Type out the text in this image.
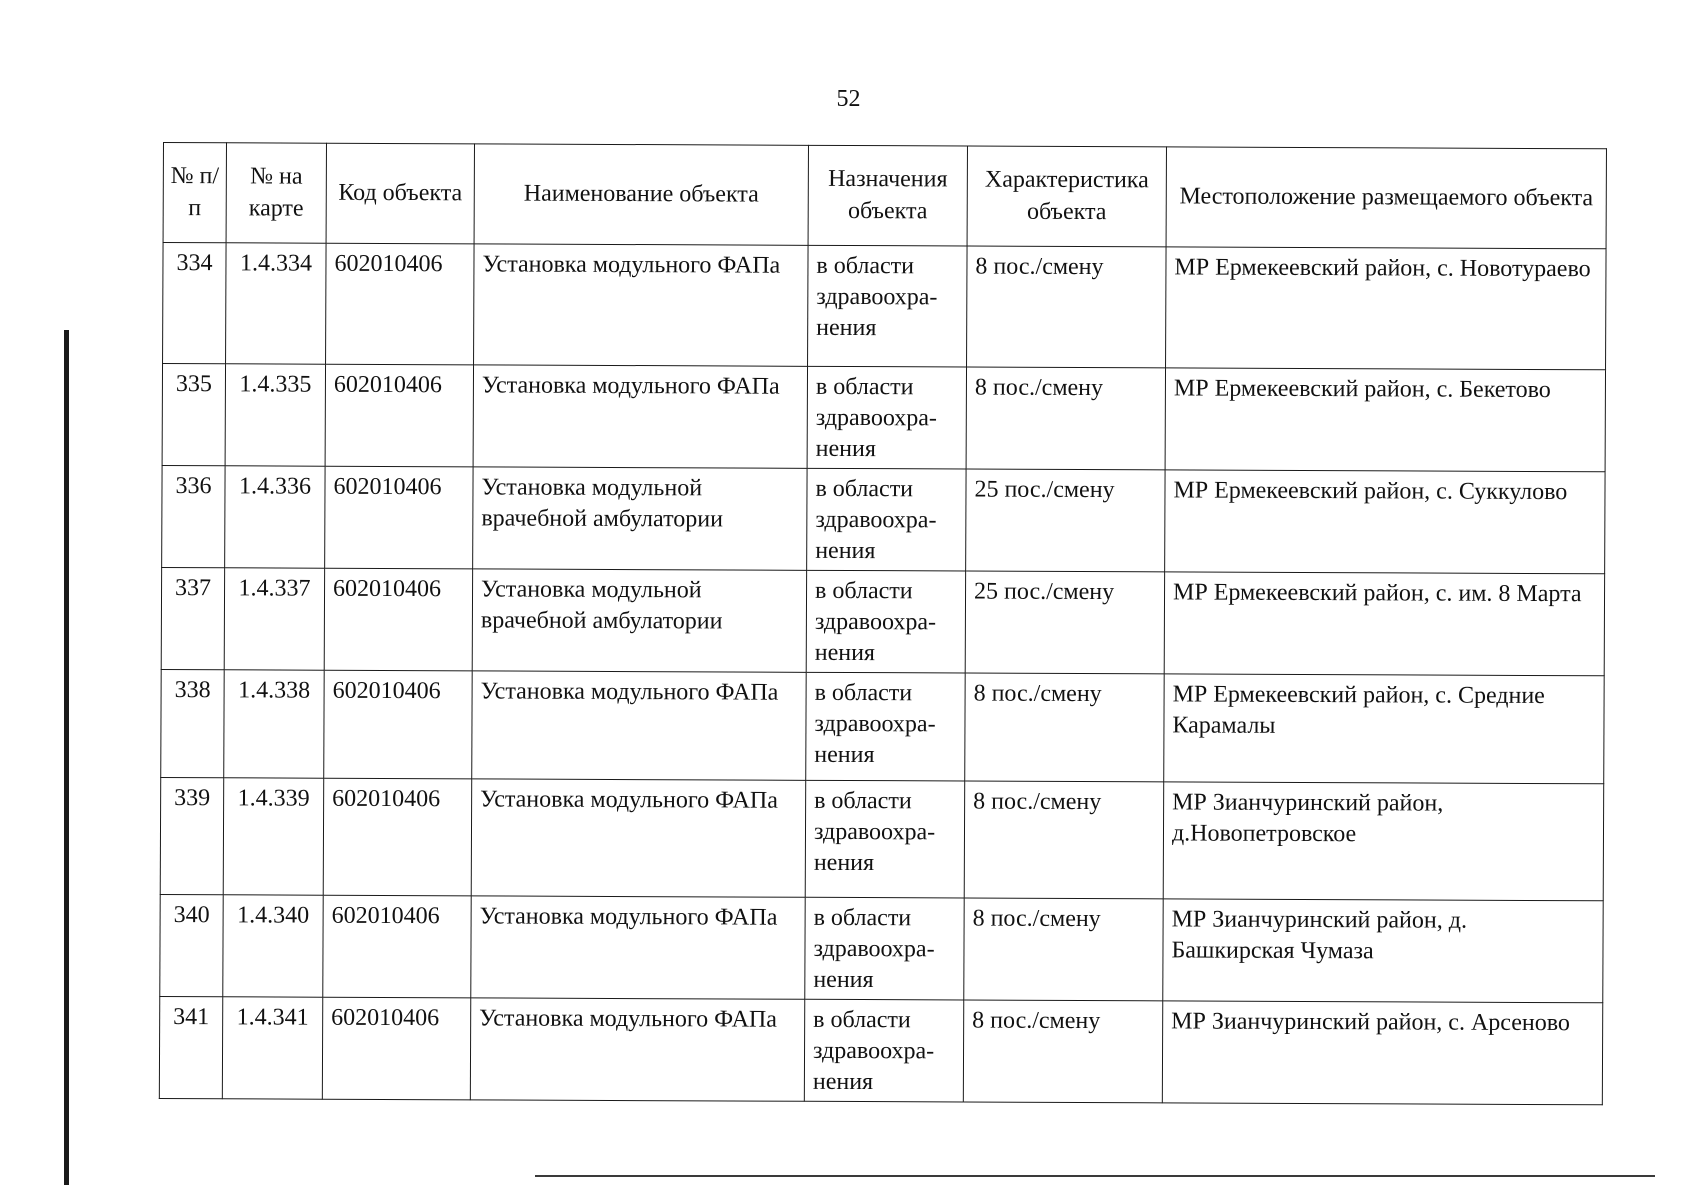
52
№ п/п	№ на карте	Код объекта	Наименование объекта	Назначения объекта	Характеристика объекта	Местоположение размещаемого объекта
334	1.4.334	602010406	Установка модульного ФАПа	в области здравоохра-нения	8 пос./смену	МР Ермекеевский район, с. Новотураево
335	1.4.335	602010406	Установка модульного ФАПа	в области здравоохра-нения	8 пос./смену	МР Ермекеевский район, с. Бекетово
336	1.4.336	602010406	Установка модульной врачебной амбулатории	в области здравоохра-нения	25 пос./смену	МР Ермекеевский район, с. Суккулово
337	1.4.337	602010406	Установка модульной врачебной амбулатории	в области здравоохра-нения	25 пос./смену	МР Ермекеевский район, с. им. 8 Марта
338	1.4.338	602010406	Установка модульного ФАПа	в области здравоохра-нения	8 пос./смену	МР Ермекеевский район, с. Средние Карамалы
339	1.4.339	602010406	Установка модульного ФАПа	в области здравоохра-нения	8 пос./смену	МР Зианчуринский район, д.Новопетровское
340	1.4.340	602010406	Установка модульного ФАПа	в области здравоохра-нения	8 пос./смену	МР Зианчуринский район, д. Башкирская Чумаза
341	1.4.341	602010406	Установка модульного ФАПа	в области здравоохра-нения	8 пос./смену	МР Зианчуринский район, с. Арсеново
